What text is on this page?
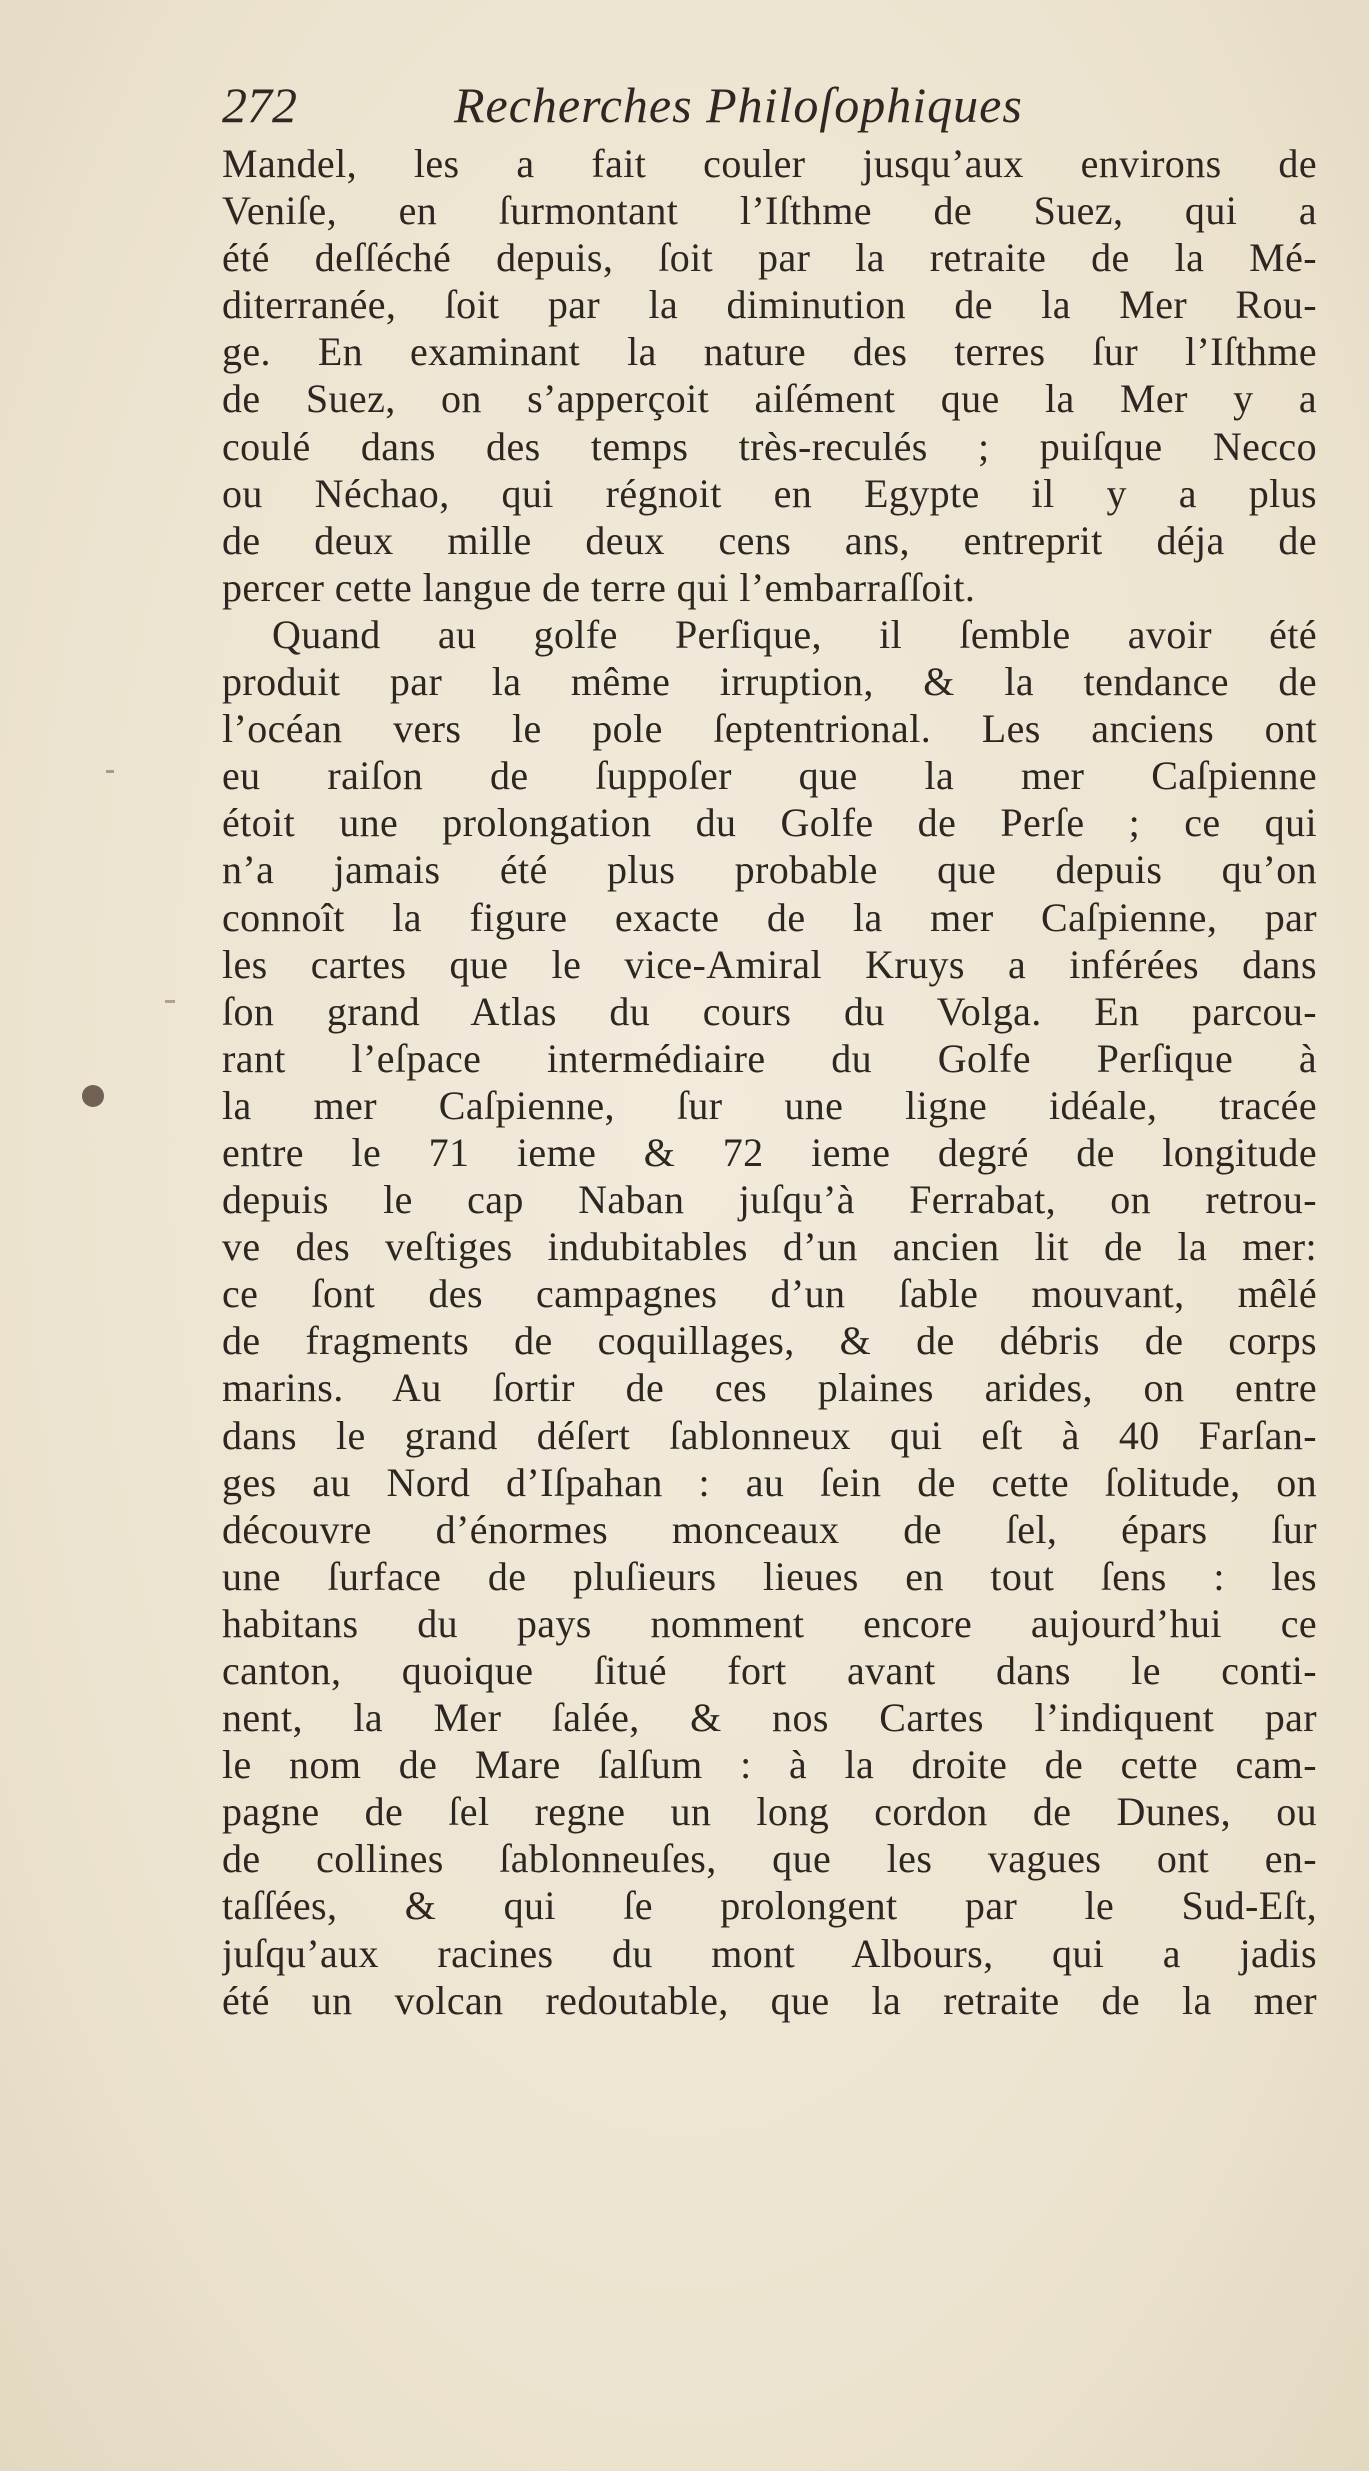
272	Recherches Philoſophiques
Mandel, les a fait couler jusqu’aux environs de
Veniſe, en ſurmontant l’Iſthme de Suez, qui a
été deſſéché depuis, ſoit par la retraite de la Mé-
diterranée, ſoit par la diminution de la Mer Rou-
ge. En examinant la nature des terres ſur l’Iſthme
de Suez, on s’apperçoit aiſément que la Mer y a
coulé dans des temps très-reculés ; puiſque Necco
ou Néchao, qui régnoit en Egypte il y a plus
de deux mille deux cens ans, entreprit déja de
percer cette langue de terre qui l’embarraſſoit.
Quand au golfe Perſique, il ſemble avoir été
produit par la même irruption, & la tendance de
l’océan vers le pole ſeptentrional. Les anciens ont
eu raiſon de ſuppoſer que la mer Caſpienne
étoit une prolongation du Golfe de Perſe ; ce qui
n’a jamais été plus probable que depuis qu’on
connoît la figure exacte de la mer Caſpienne, par
les cartes que le vice-Amiral Kruys a inférées dans
ſon grand Atlas du cours du Volga. En parcou-
rant l’eſpace intermédiaire du Golfe Perſique à
la mer Caſpienne, ſur une ligne idéale, tracée
entre le 71 ieme & 72 ieme degré de longitude
depuis le cap Naban juſqu’à Ferrabat, on retrou-
ve des veſtiges indubitables d’un ancien lit de la mer:
ce ſont des campagnes d’un ſable mouvant, mêlé
de fragments de coquillages, & de débris de corps
marins. Au ſortir de ces plaines arides, on entre
dans le grand déſert ſablonneux qui eſt à 40 Farſan-
ges au Nord d’Iſpahan : au ſein de cette ſolitude, on
découvre d’énormes monceaux de ſel, épars ſur
une ſurface de pluſieurs lieues en tout ſens : les
habitans du pays nomment encore aujourd’hui ce
canton, quoique ſitué fort avant dans le conti-
nent, la Mer ſalée, & nos Cartes l’indiquent par
le nom de Mare ſalſum : à la droite de cette cam-
pagne de ſel regne un long cordon de Dunes, ou
de collines ſablonneuſes, que les vagues ont en-
taſſées, & qui ſe prolongent par le Sud-Eſt,
juſqu’aux racines du mont Albours, qui a jadis
été un volcan redoutable, que la retraite de la mer
